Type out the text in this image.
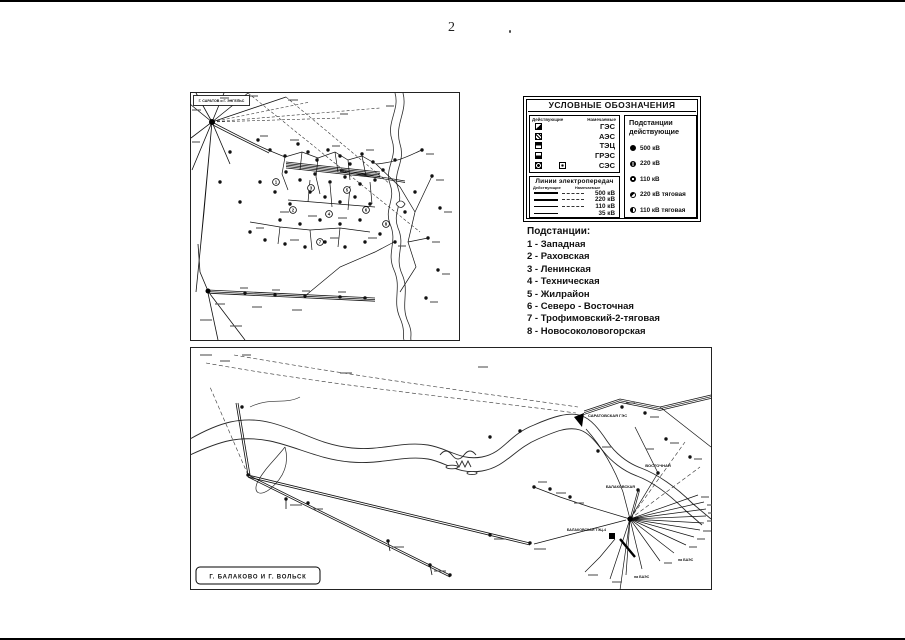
2
1
2
3
4
5
6
7
8
Г. САРАТОВ и Г. ЭНГЕЛЬС	УСЛОВНЫЕ ОБОЗНАЧЕНИЯ
Действующие	Намечаемые
ГЭС
АЭС
ТЭЦ
ГРЭС
СЭС
Линии электропередач
Действующие	Намечаемые
500 кВ
220 кВ
110 кВ
35 кВ
Подстанции действующие
500 кВ
220 кВ
110 кВ
220 кВ тяговая
110 кВ тяговая
Подстанции:
1 - Западная
2 - Раховская
3 - Ленинская
4 - Техническая
5 - Жилрайон
6 - Северо - Восточная
7 - Трофимовский-2-тяговая
8 - Новосоколовогорская
САРАТОВСКАЯ ГЭС
БАЛАКОВСКАЯ ТЭЦ-4
БАЛАКОВСКАЯ
ВОСТОЧНАЯ
на БАЭС
на БАЭС
Г. БАЛАКОВО И Г. ВОЛЬСК
